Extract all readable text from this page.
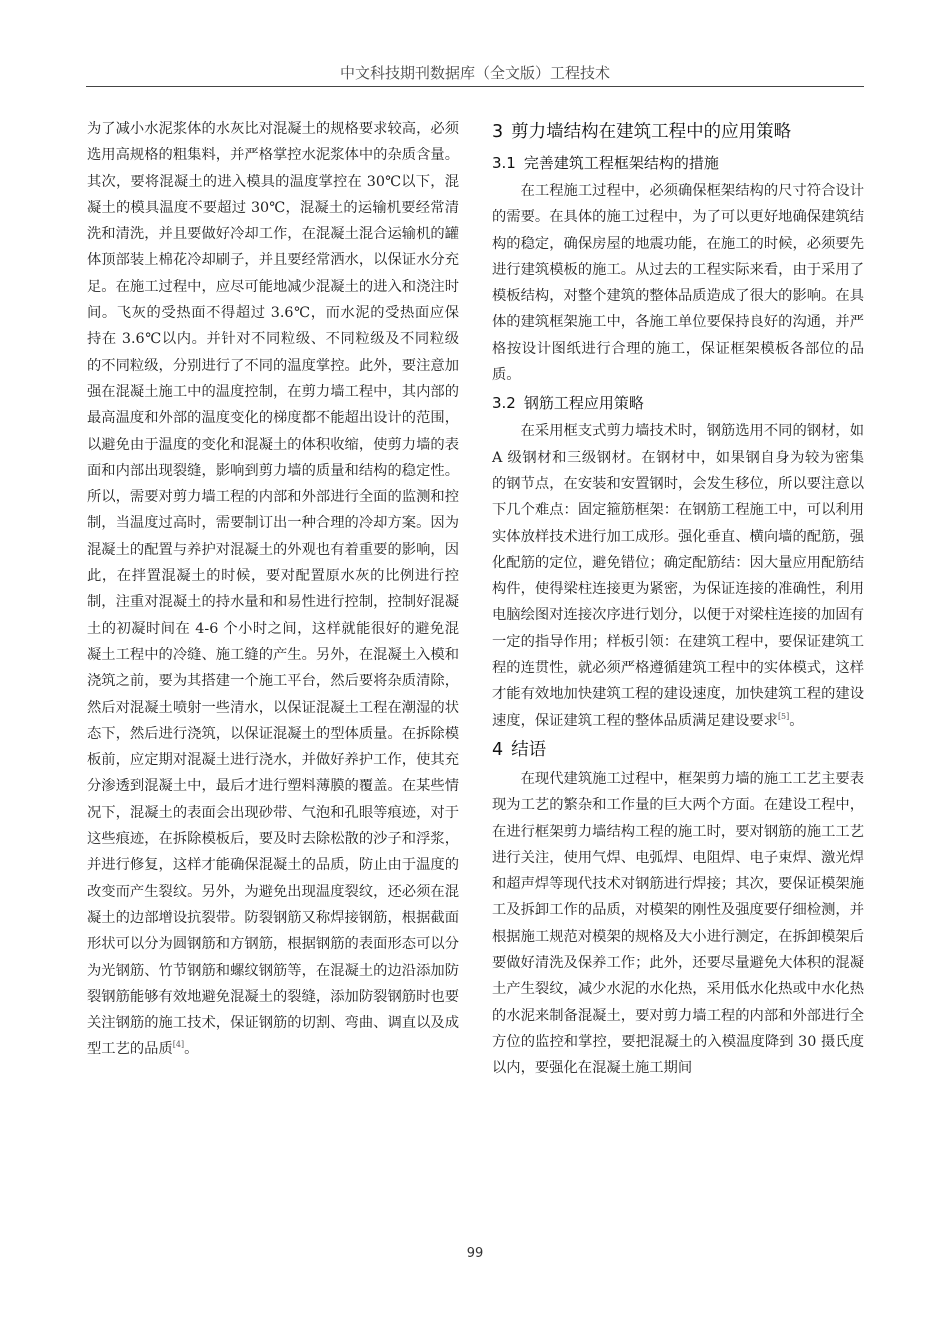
中文科技期刊数据库（全文版）工程技术

为了减小水泥浆体的水灰比对混凝土的规格要求较高，必须选用高规格的粗集料，并严格掌控水泥浆体中的杂质含量。其次，要将混凝土的进入模具的温度掌控在 30℃以下，混凝土的模具温度不要超过 30℃，混凝土的运输机要经常清洗和清洗，并且要做好冷却工作，在混凝土混合运输机的罐体顶部装上棉花冷却刷子，并且要经常洒水，以保证水分充足。在施工过程中，应尽可能地减少混凝土的进入和浇注时间。飞灰的受热面不得超过 3.6℃，而水泥的受热面应保持在 3.6℃以内。并针对不同粒级、不同粒级及不同粒级的不同粒级，分别进行了不同的温度掌控。此外，要注意加强在混凝土施工中的温度控制，在剪力墙工程中，其内部的最高温度和外部的温度变化的梯度都不能超出设计的范围，以避免由于温度的变化和混凝土的体积收缩，使剪力墙的表面和内部出现裂缝，影响到剪力墙的质量和结构的稳定性。所以，需要对剪力墙工程的内部和外部进行全面的监测和控制，当温度过高时，需要制订出一种合理的冷却方案。因为混凝土的配置与养护对混凝土的外观也有着重要的影响，因此，在拌置混凝土的时候，要对配置原水灰的比例进行控制，注重对混凝土的持水量和和易性进行控制，控制好混凝土的初凝时间在 4-6 个小时之间，这样就能很好的避免混凝土工程中的冷缝、施工缝的产生。另外，在混凝土入模和浇筑之前，要为其搭建一个施工平台，然后要将杂质清除，然后对混凝土喷射一些清水，以保证混凝土工程在潮湿的状态下，然后进行浇筑，以保证混凝土的型体质量。在拆除模板前，应定期对混凝土进行浇水，并做好养护工作，使其充分渗透到混凝土中，最后才进行塑料薄膜的覆盖。在某些情况下，混凝土的表面会出现砂带、气泡和孔眼等痕迹，对于这些痕迹，在拆除模板后，要及时去除松散的沙子和浮浆，并进行修复，这样才能确保混凝土的品质，防止由于温度的改变而产生裂纹。另外，为避免出现温度裂纹，还必须在混凝土的边部增设抗裂带。防裂钢筋又称焊接钢筋，根据截面形状可以分为圆钢筋和方钢筋，根据钢筋的表面形态可以分为光钢筋、竹节钢筋和螺纹钢筋等，在混凝土的边沿添加防裂钢筋能够有效地避免混凝土的裂缝，添加防裂钢筋时也要关注钢筋的施工技术，保证钢筋的切割、弯曲、调直以及成型工艺的品质[4]。

3 剪力墙结构在建筑工程中的应用策略
3.1 完善建筑工程框架结构的措施

在工程施工过程中，必须确保框架结构的尺寸符合设计的需要。在具体的施工过程中，为了可以更好地确保建筑结构的稳定，确保房屋的地震功能，在施工的时候，必须要先进行建筑模板的施工。从过去的工程实际来看，由于采用了模板结构，对整个建筑的整体品质造成了很大的影响。在具体的建筑框架施工中，各施工单位要保持良好的沟通，并严格按设计图纸进行合理的施工，保证框架模板各部位的品质。

3.2 钢筋工程应用策略

在采用框支式剪力墙技术时，钢筋选用不同的钢材，如 A 级钢材和三级钢材。在钢材中，如果钢自身为较为密集的钢节点，在安装和安置钢时，会发生移位，所以要注意以下几个难点：固定箍筋框架：在钢筋工程施工中，可以利用实体放样技术进行加工成形。强化垂直、横向墙的配筋，强化配筋的定位，避免错位；确定配筋结：因大量应用配筋结构件，使得梁柱连接更为紧密，为保证连接的准确性，利用电脑绘图对连接次序进行划分，以便于对梁柱连接的加固有一定的指导作用；样板引领：在建筑工程中，要保证建筑工程的连贯性，就必须严格遵循建筑工程中的实体模式，这样才能有效地加快建筑工程的建设速度，加快建筑工程的建设速度，保证建筑工程的整体品质满足建设要求[5]。

4 结语

在现代建筑施工过程中，框架剪力墙的施工工艺主要表现为工艺的繁杂和工作量的巨大两个方面。在建设工程中，在进行框架剪力墙结构工程的施工时，要对钢筋的施工工艺进行关注，使用气焊、电弧焊、电阻焊、电子束焊、激光焊和超声焊等现代技术对钢筋进行焊接；其次，要保证模架施工及拆卸工作的品质，对模架的刚性及强度要仔细检测，并根据施工规范对模架的规格及大小进行测定，在拆卸模架后要做好清洗及保养工作；此外，还要尽量避免大体积的混凝土产生裂纹，减少水泥的水化热，采用低水化热或中水化热的水泥来制备混凝土，要对剪力墙工程的内部和外部进行全方位的监控和掌控，要把混凝土的入模温度降到 30 摄氏度以内，要强化在混凝土施工期间

99
